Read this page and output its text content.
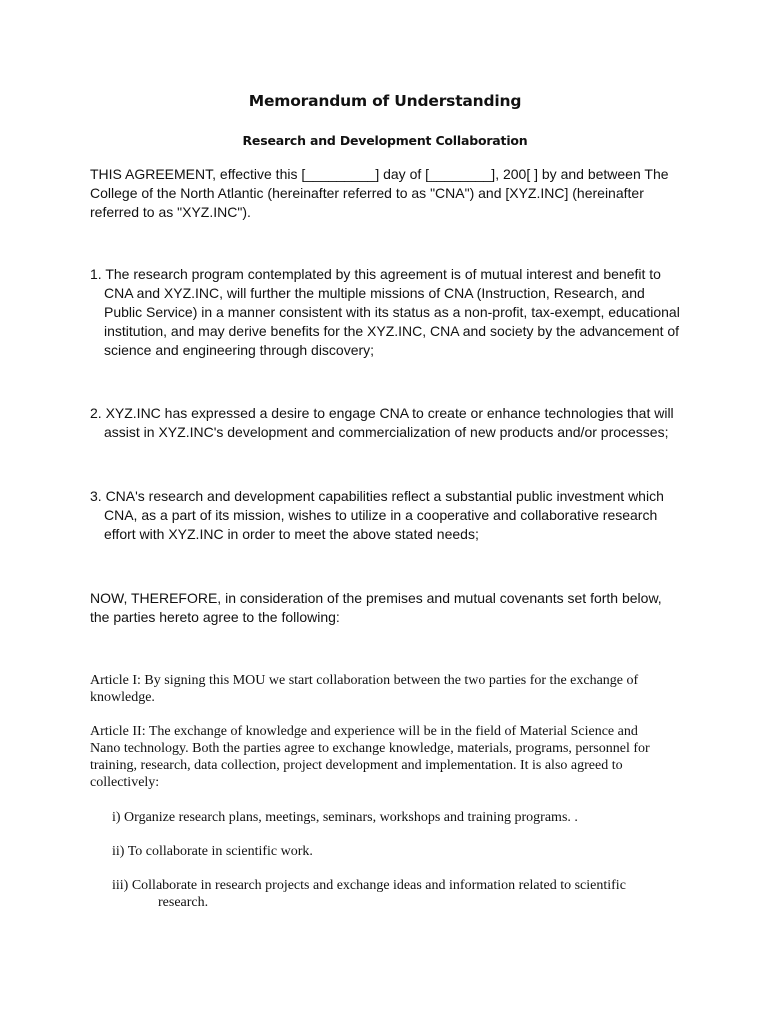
Memorandum of Understanding
Research and Development Collaboration

THIS AGREEMENT, effective this [_________] day of [________], 200[ ] by and between The
College of the North Atlantic (hereinafter referred to as "CNA") and [XYZ.INC] (hereinafter
referred to as "XYZ.INC").

1. The research program contemplated by this agreement is of mutual interest and benefit to
CNA and XYZ.INC, will further the multiple missions of CNA (Instruction, Research, and
Public Service) in a manner consistent with its status as a non-profit, tax-exempt, educational
institution, and may derive benefits for the XYZ.INC, CNA and society by the advancement of
science and engineering through discovery;

2. XYZ.INC has expressed a desire to engage CNA to create or enhance technologies that will
assist in XYZ.INC's development and commercialization of new products and/or processes;

3. CNA's research and development capabilities reflect a substantial public investment which
CNA, as a part of its mission, wishes to utilize in a cooperative and collaborative research
effort with XYZ.INC in order to meet the above stated needs;

NOW, THEREFORE, in consideration of the premises and mutual covenants set forth below,
the parties hereto agree to the following:

Article I: By signing this MOU we start collaboration between the two parties for the exchange of
knowledge.

Article II: The exchange of knowledge and experience will be in the field of Material Science and
Nano technology. Both the parties agree to exchange knowledge, materials, programs, personnel for
training, research, data collection, project development and implementation. It is also agreed to
collectively:

i) Organize research plans, meetings, seminars, workshops and training programs. .

ii) To collaborate in scientific work.

iii) Collaborate in research projects and exchange ideas and information related to scientific
research.
